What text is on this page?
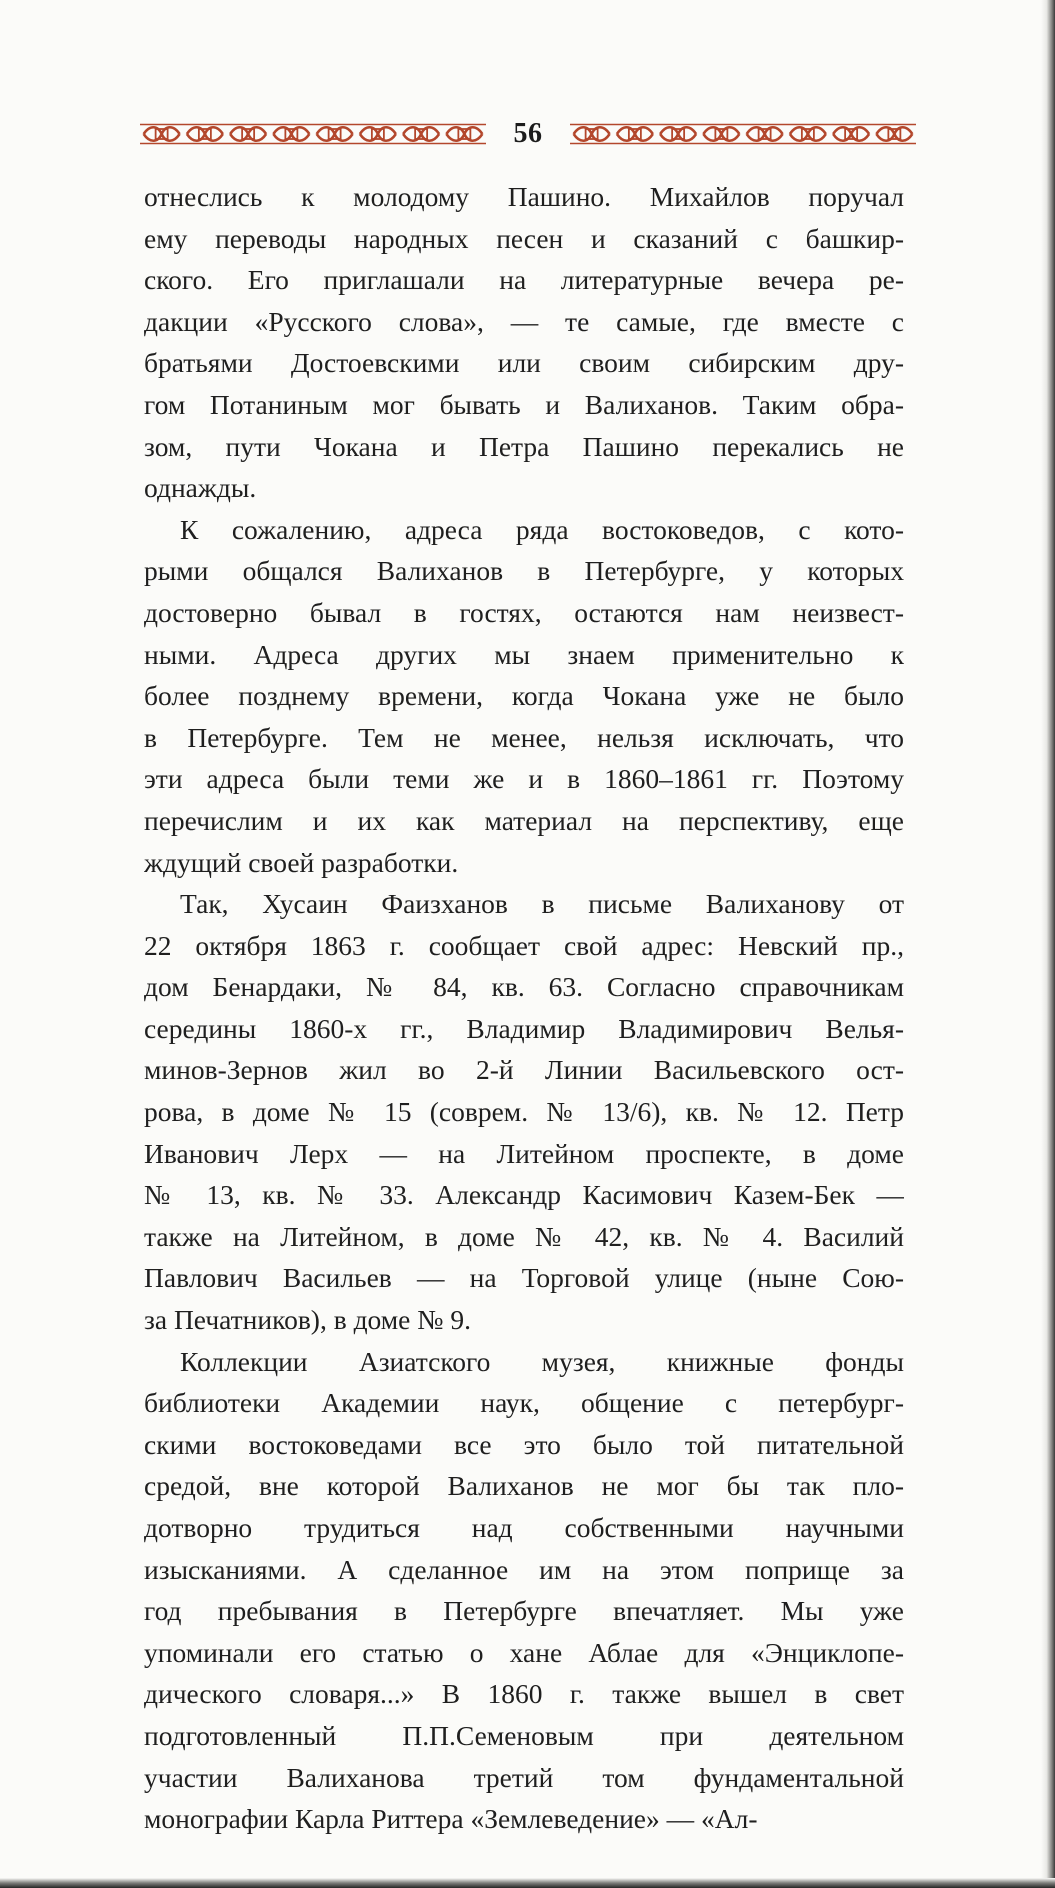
56
отнеслись к молодому Пашино. Михайлов поручал
ему переводы народных песен и сказаний с башкир-
ского. Его приглашали на литературные вечера ре-
дакции «Русского слова», — те самые, где вместе с
братьями Достоевскими или своим сибирским дру-
гом Потаниным мог бывать и Валиханов. Таким обра-
зом, пути Чокана и Петра Пашино перекались не
однажды.
К сожалению, адреса ряда востоковедов, с кото-
рыми общался Валиханов в Петербурге, у которых
достоверно бывал в гостях, остаются нам неизвест-
ными. Адреса других мы знаем применительно к
более позднему времени, когда Чокана уже не было
в Петербурге. Тем не менее, нельзя исключать, что
эти адреса были теми же и в 1860–1861 гг. Поэтому
перечислим и их как материал на перспективу, еще
ждущий своей разработки.
Так, Хусаин Фаизханов в письме Валиханову от
22 октября 1863 г. сообщает свой адрес: Невский пр.,
дом Бенардаки, № 84, кв. 63. Согласно справочникам
середины 1860-х гг., Владимир Владимирович Велья-
минов-Зернов жил во 2-й Линии Васильевского ост-
рова, в доме № 15 (соврем. № 13/6), кв. № 12. Петр
Иванович Лерх — на Литейном проспекте, в доме
№ 13, кв. № 33. Александр Касимович Казем-Бек —
также на Литейном, в доме № 42, кв. № 4. Василий
Павлович Васильев — на Торговой улице (ныне Сою-
за Печатников), в доме № 9.
Коллекции Азиатского музея, книжные фонды
библиотеки Академии наук, общение с петербург-
скими востоковедами все это было той питательной
средой, вне которой Валиханов не мог бы так пло-
дотворно трудиться над собственными научными
изысканиями. А сделанное им на этом поприще за
год пребывания в Петербурге впечатляет. Мы уже
упоминали его статью о хане Аблае для «Энциклопе-
дического словаря...» В 1860 г. также вышел в свет
подготовленный П.П.Семеновым при деятельном
участии Валиханова третий том фундаментальной
монографии Карла Риттера «Землеведение» — «Ал-
